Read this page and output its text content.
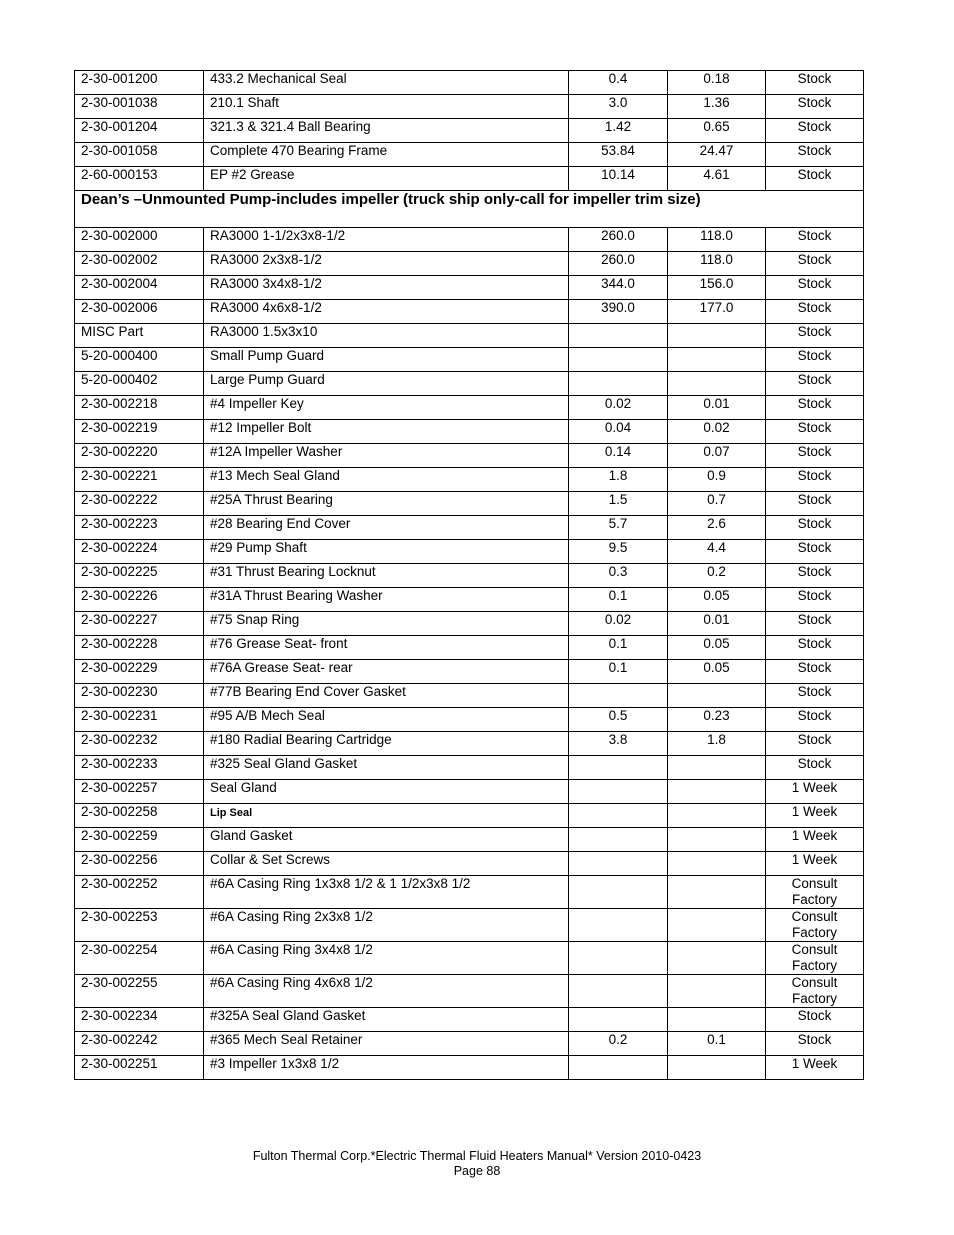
2-30-001200	433.2 Mechanical Seal	0.4	0.18	Stock
2-30-001038	210.1 Shaft	3.0	1.36	Stock
2-30-001204	321.3 & 321.4 Ball Bearing	1.42	0.65	Stock
2-30-001058	Complete 470 Bearing Frame	53.84	24.47	Stock
2-60-000153	EP #2 Grease	10.14	4.61	Stock
Dean’s –Unmounted Pump-includes impeller (truck ship only-call for impeller trim size)				
2-30-002000	RA3000 1-1/2x3x8-1/2	260.0	118.0	Stock
2-30-002002	RA3000 2x3x8-1/2	260.0	118.0	Stock
2-30-002004	RA3000 3x4x8-1/2	344.0	156.0	Stock
2-30-002006	RA3000 4x6x8-1/2	390.0	177.0	Stock
MISC Part	RA3000 1.5x3x10			Stock
5-20-000400	Small Pump Guard			Stock
5-20-000402	Large Pump Guard			Stock
2-30-002218	#4 Impeller Key	0.02	0.01	Stock
2-30-002219	#12 Impeller Bolt	0.04	0.02	Stock
2-30-002220	#12A Impeller Washer	0.14	0.07	Stock
2-30-002221	#13 Mech Seal Gland	1.8	0.9	Stock
2-30-002222	#25A Thrust Bearing	1.5	0.7	Stock
2-30-002223	#28 Bearing End Cover	5.7	2.6	Stock
2-30-002224	#29 Pump Shaft	9.5	4.4	Stock
2-30-002225	#31 Thrust Bearing Locknut	0.3	0.2	Stock
2-30-002226	#31A Thrust Bearing Washer	0.1	0.05	Stock
2-30-002227	#75 Snap Ring	0.02	0.01	Stock
2-30-002228	#76 Grease Seat- front	0.1	0.05	Stock
2-30-002229	#76A Grease Seat- rear	0.1	0.05	Stock
2-30-002230	#77B Bearing End Cover Gasket			Stock
2-30-002231	#95 A/B Mech Seal	0.5	0.23	Stock
2-30-002232	#180 Radial Bearing Cartridge	3.8	1.8	Stock
2-30-002233	#325 Seal Gland Gasket			Stock
2-30-002257	Seal Gland			1 Week
2-30-002258	Lip Seal			1 Week
2-30-002259	Gland Gasket			1 Week
2-30-002256	Collar & Set Screws			1 Week
2-30-002252	#6A Casing Ring 1x3x8 1/2 & 1 1/2x3x8 1/2			Consult Factory
2-30-002253	#6A Casing Ring 2x3x8 1/2			Consult Factory
2-30-002254	#6A Casing Ring 3x4x8 1/2			Consult Factory
2-30-002255	#6A Casing Ring 4x6x8 1/2			Consult Factory
2-30-002234	#325A Seal Gland Gasket			Stock
2-30-002242	#365 Mech Seal Retainer	0.2	0.1	Stock
2-30-002251	#3 Impeller 1x3x8 1/2			1 Week
Fulton Thermal Corp.*Electric Thermal Fluid Heaters Manual* Version 2010-0423
Page 88
